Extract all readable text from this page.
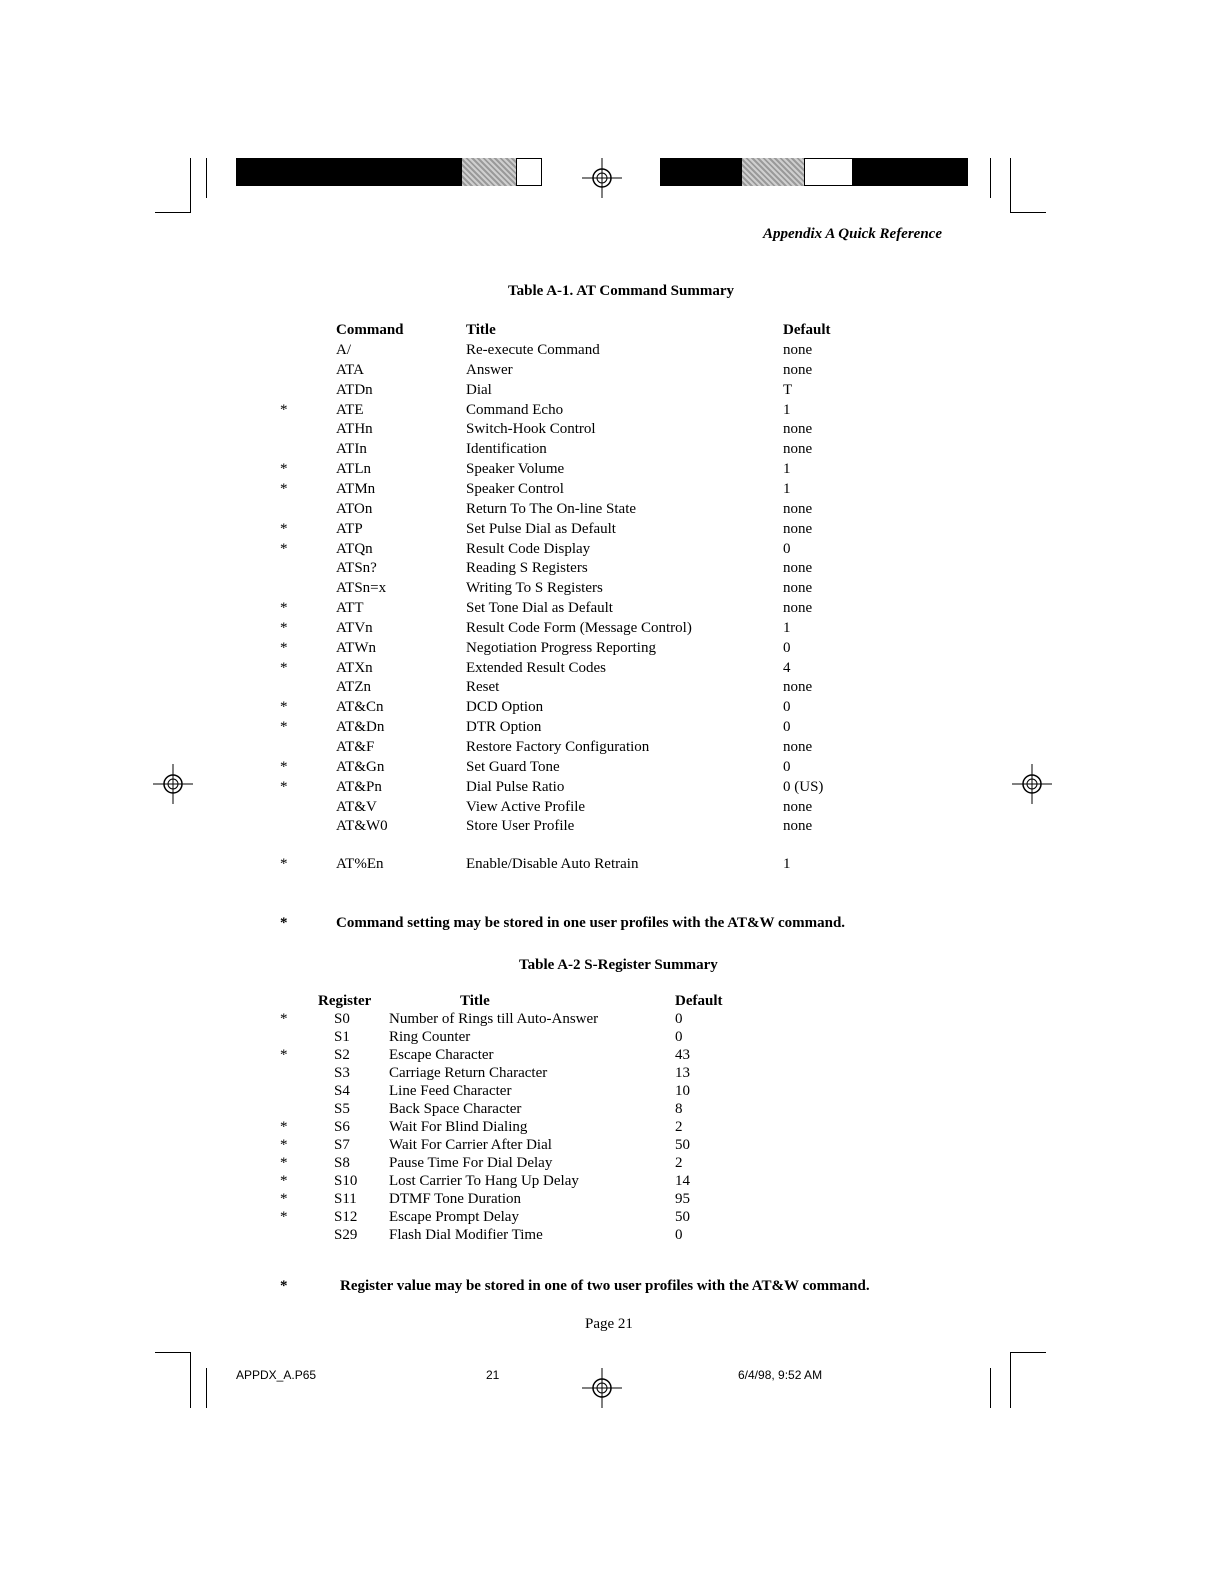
Appendix A Quick Reference
Table A-1. AT Command Summary
Command	Title	Default
A/	Re-execute Command	none
ATA	Answer	none
ATDn	Dial	T
*	ATE	Command Echo	1
ATHn	Switch-Hook Control	none
ATIn	Identification	none
*	ATLn	Speaker Volume	1
*	ATMn	Speaker Control	1
ATOn	Return To The On-line State	none
*	ATP	Set Pulse Dial as Default	none
*	ATQn	Result Code Display	0
ATSn?	Reading S Registers	none
ATSn=x	Writing To S Registers	none
*	ATT	Set Tone Dial as Default	none
*	ATVn	Result Code Form (Message Control)	1
*	ATWn	Negotiation Progress Reporting	0
*	ATXn	Extended Result Codes	4
ATZn	Reset	none
*	AT&Cn	DCD Option	0
*	AT&Dn	DTR Option	0
AT&F	Restore Factory Configuration	none
*	AT&Gn	Set Guard Tone	0
*	AT&Pn	Dial Pulse Ratio	0 (US)
AT&V	View Active Profile	none
AT&W0	Store User Profile	none
*	AT%En	Enable/Disable Auto Retrain	1
*	Command setting may be stored in one user profiles with the AT&W command.
Table A-2 S-Register Summary
Register	Title	Default
*	S0	Number of Rings till Auto-Answer	0
S1	Ring Counter	0
*	S2	Escape Character	43
S3	Carriage Return Character	13
S4	Line Feed Character	10
S5	Back Space Character	8
*	S6	Wait For Blind Dialing	2
*	S7	Wait For Carrier After Dial	50
*	S8	Pause Time For Dial Delay	2
*	S10 Lost Carrier To Hang Up Delay	14
*	S11 DTMF Tone Duration	95
*	S12 Escape Prompt Delay	50
S29 Flash Dial Modifier Time	0
*	Register value may be stored in one of two user profiles with the AT&W command.
Page 21
APPDX_A.P65	21	6/4/98, 9:52 AM
